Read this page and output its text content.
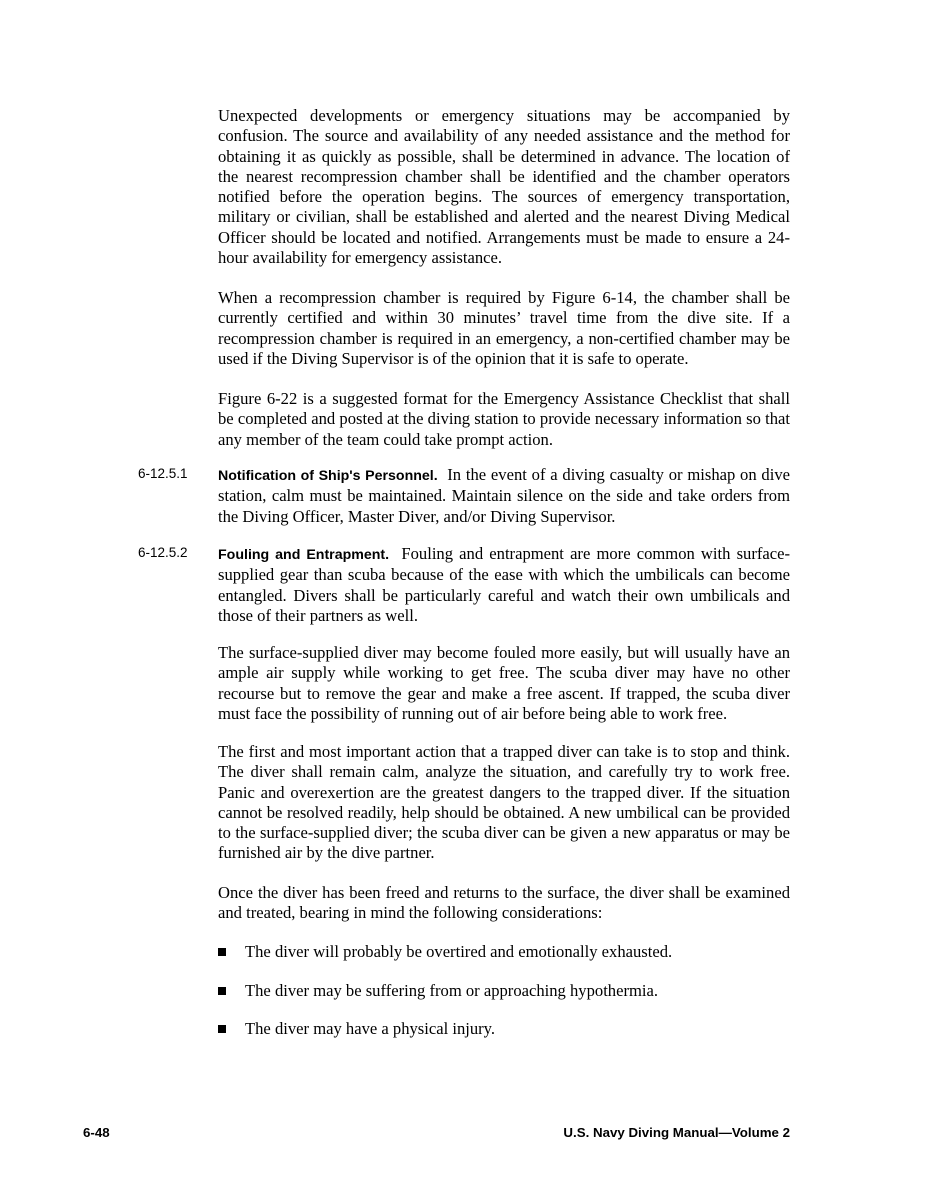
Unexpected developments or emergency situations may be accompanied by confusion. The source and availability of any needed assistance and the method for obtaining it as quickly as possible, shall be determined in advance. The location of the nearest recompression chamber shall be identified and the chamber operators notified before the operation begins. The sources of emergency transportation, military or civilian, shall be established and alerted and the nearest Diving Medical Officer should be located and notified. Arrangements must be made to ensure a 24-hour availability for emergency assistance.

When a recompression chamber is required by Figure 6-14, the chamber shall be currently certified and within 30 minutes’ travel time from the dive site. If a recompression chamber is required in an emergency, a non-certified chamber may be used if the Diving Supervisor is of the opinion that it is safe to operate.

Figure 6-22 is a suggested format for the Emergency Assistance Checklist that shall be completed and posted at the diving station to provide necessary information so that any member of the team could take prompt action.

6-12.5.1 Notification of Ship's Personnel. In the event of a diving casualty or mishap on dive station, calm must be maintained. Maintain silence on the side and take orders from the Diving Officer, Master Diver, and/or Diving Supervisor.

6-12.5.2 Fouling and Entrapment. Fouling and entrapment are more common with surface-supplied gear than scuba because of the ease with which the umbilicals can become entangled. Divers shall be particularly careful and watch their own umbilicals and those of their partners as well.

The surface-supplied diver may become fouled more easily, but will usually have an ample air supply while working to get free. The scuba diver may have no other recourse but to remove the gear and make a free ascent. If trapped, the scuba diver must face the possibility of running out of air before being able to work free.

The first and most important action that a trapped diver can take is to stop and think. The diver shall remain calm, analyze the situation, and carefully try to work free. Panic and overexertion are the greatest dangers to the trapped diver. If the situation cannot be resolved readily, help should be obtained. A new umbilical can be provided to the surface-supplied diver; the scuba diver can be given a new apparatus or may be furnished air by the dive partner.

Once the diver has been freed and returns to the surface, the diver shall be examined and treated, bearing in mind the following considerations:

The diver will probably be overtired and emotionally exhausted.
The diver may be suffering from or approaching hypothermia.
The diver may have a physical injury.
6-48	U.S. Navy Diving Manual—Volume 2
